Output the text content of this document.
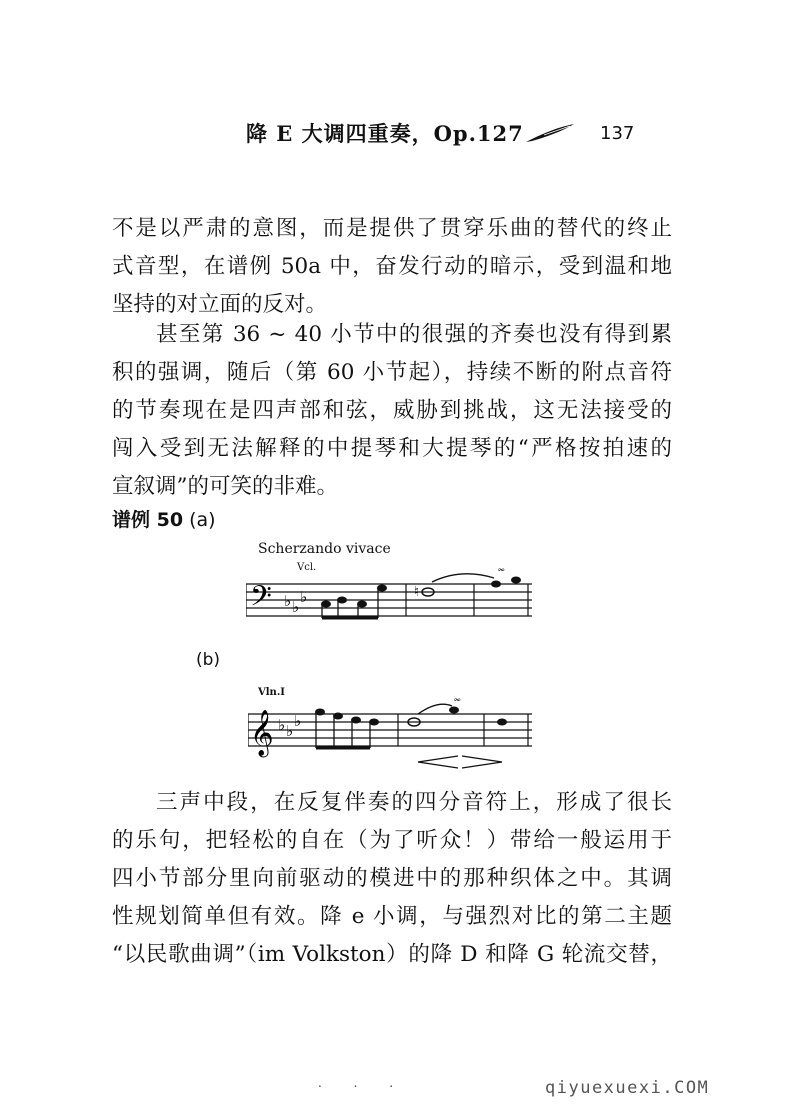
降 E 大调四重奏，Op.127	137
不是以严肃的意图，而是提供了贯穿乐曲的替代的终止
式音型，在谱例 50a 中，奋发行动的暗示，受到温和地
坚持的对立面的反对。
甚至第 36 ~ 40 小节中的很强的齐奏也没有得到累
积的强调，随后（第 60 小节起），持续不断的附点音符
的节奏现在是四声部和弦，威胁到挑战，这无法接受的
闯入受到无法解释的中提琴和大提琴的“严格按拍速的
宣叙调”的可笑的非难。
谱例 50 (a)
Scherzando vivace
Vcl.
𝄢 ♭ ♭
♭	♮
𝆗
(b)
Vln.I
𝄞 ♭ ♭
♭
𝆗
三声中段，在反复伴奏的四分音符上，形成了很长
的乐句，把轻松的自在（为了听众！）带给一般运用于
四小节部分里向前驱动的模进中的那种织体之中。其调
性规划简单但有效。降 e 小调，与强烈对比的第二主题
“以民歌曲调”（im Volkston）的降 D 和降 G 轮流交替，
. . .	qiyuexuexi.COM
